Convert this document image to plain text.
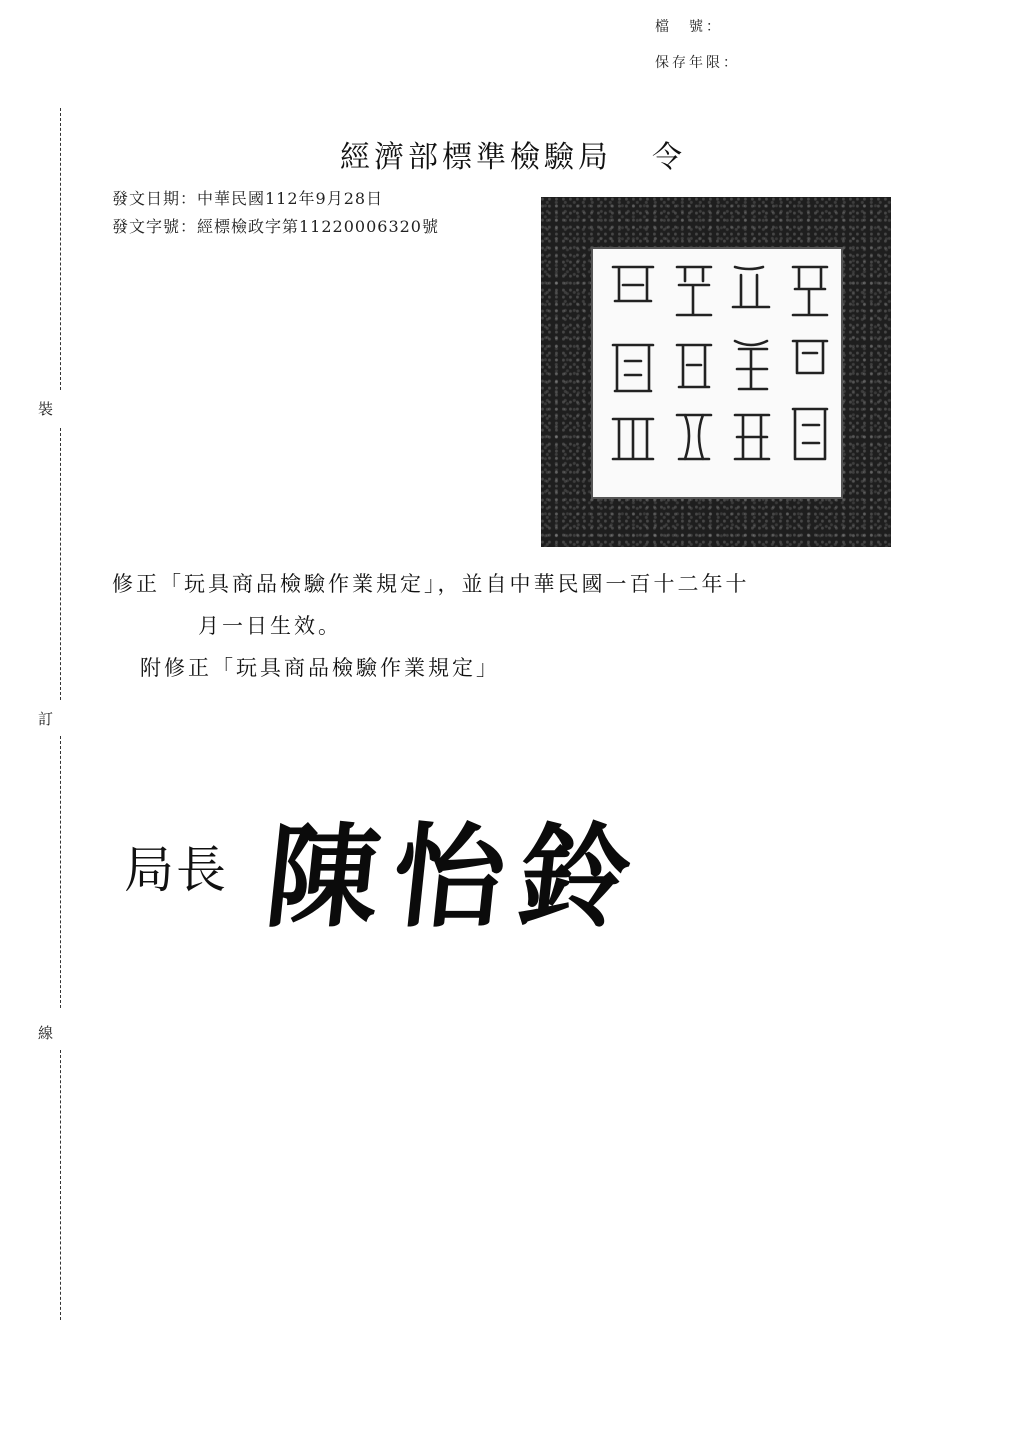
檔　號：
保存年限：
裝
訂
線
經濟部標準檢驗局 令
發文日期：中華民國112年9月28日
發文字號：經標檢政字第11220006320號
修正「玩具商品檢驗作業規定」，並自中華民國一百十二年十
月一日生效。
附修正「玩具商品檢驗作業規定」
局長 陳怡鈴
